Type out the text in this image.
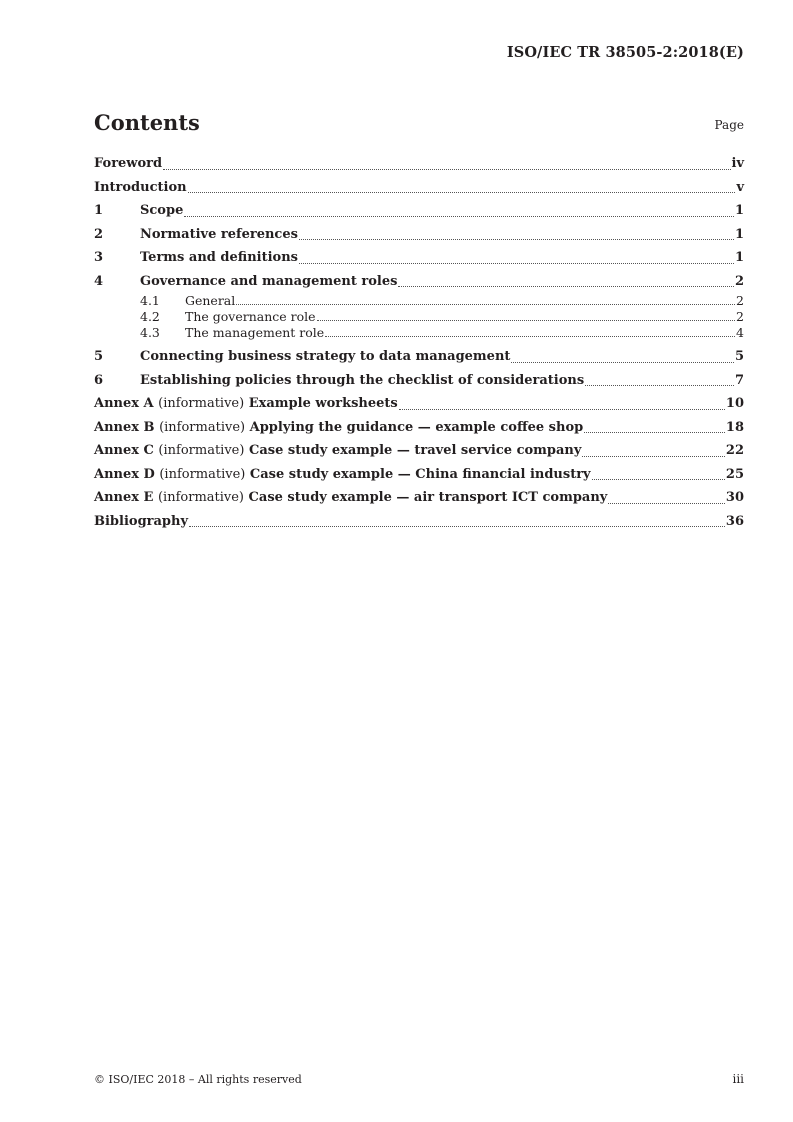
ISO/IEC TR 38505-2:2018(E)
Contents	Page
Foreword	iv
Introduction	v
1	Scope	1
2	Normative references	1
3	Terms and definitions	1
4	Governance and management roles	2
4.1	General	2
4.2	The governance role	2
4.3	The management role	4
5	Connecting business strategy to data management	5
6	Establishing policies through the checklist of considerations	7
Annex A (informative) Example worksheets	10
Annex B (informative) Applying the guidance — example coffee shop	18
Annex C (informative) Case study example — travel service company	22
Annex D (informative) Case study example — China financial industry	25
Annex E (informative) Case study example — air transport ICT company	30
Bibliography	36
© ISO/IEC 2018 – All rights reserved	iii
